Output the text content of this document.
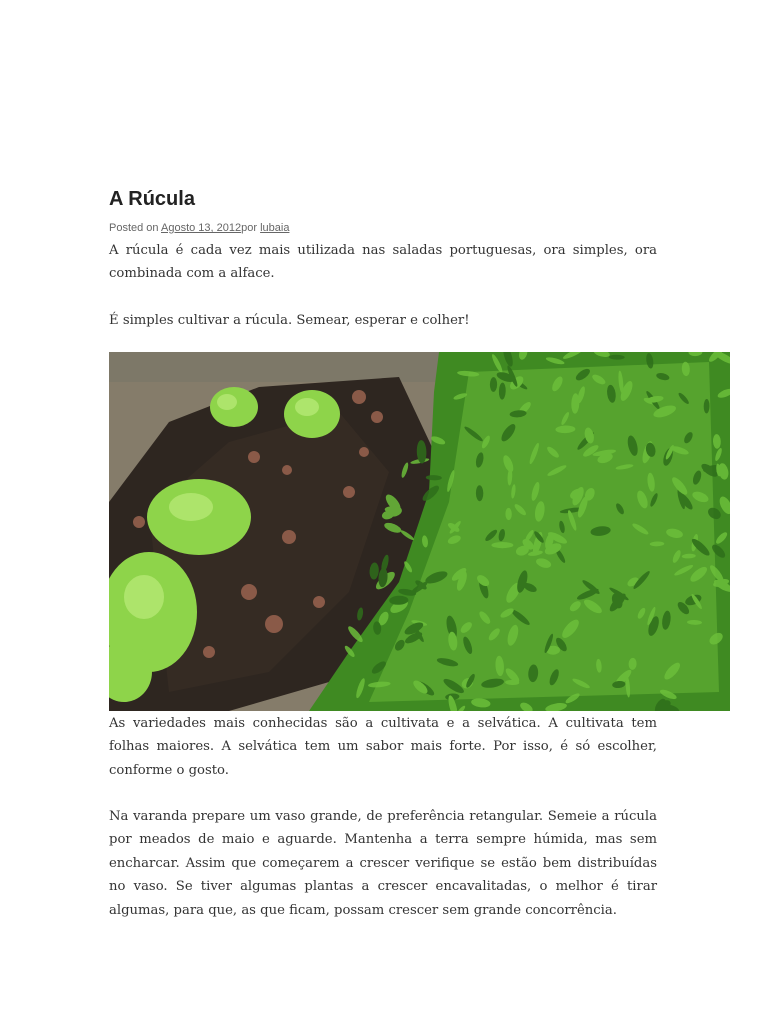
A Rúcula
Posted on Agosto 13, 2012por lubaia

A rúcula é cada vez mais utilizada nas saladas portuguesas, ora simples, ora combinada com a alface.

É simples cultivar a rúcula. Semear, esperar e colher!

As variedades mais conhecidas são a cultivata e a selvática. A cultivata tem folhas maiores. A selvática tem um sabor mais forte. Por isso, é só escolher, conforme o gosto.

Na varanda prepare um vaso grande, de preferência retangular. Semeie a rúcula por meados de maio e aguarde. Mantenha a terra sempre húmida, mas sem encharcar. Assim que começarem a crescer verifique se estão bem distribuídas no vaso. Se tiver algumas plantas a crescer encavalitadas, o melhor é tirar algumas, para que, as que ficam, possam crescer sem grande concorrência.
